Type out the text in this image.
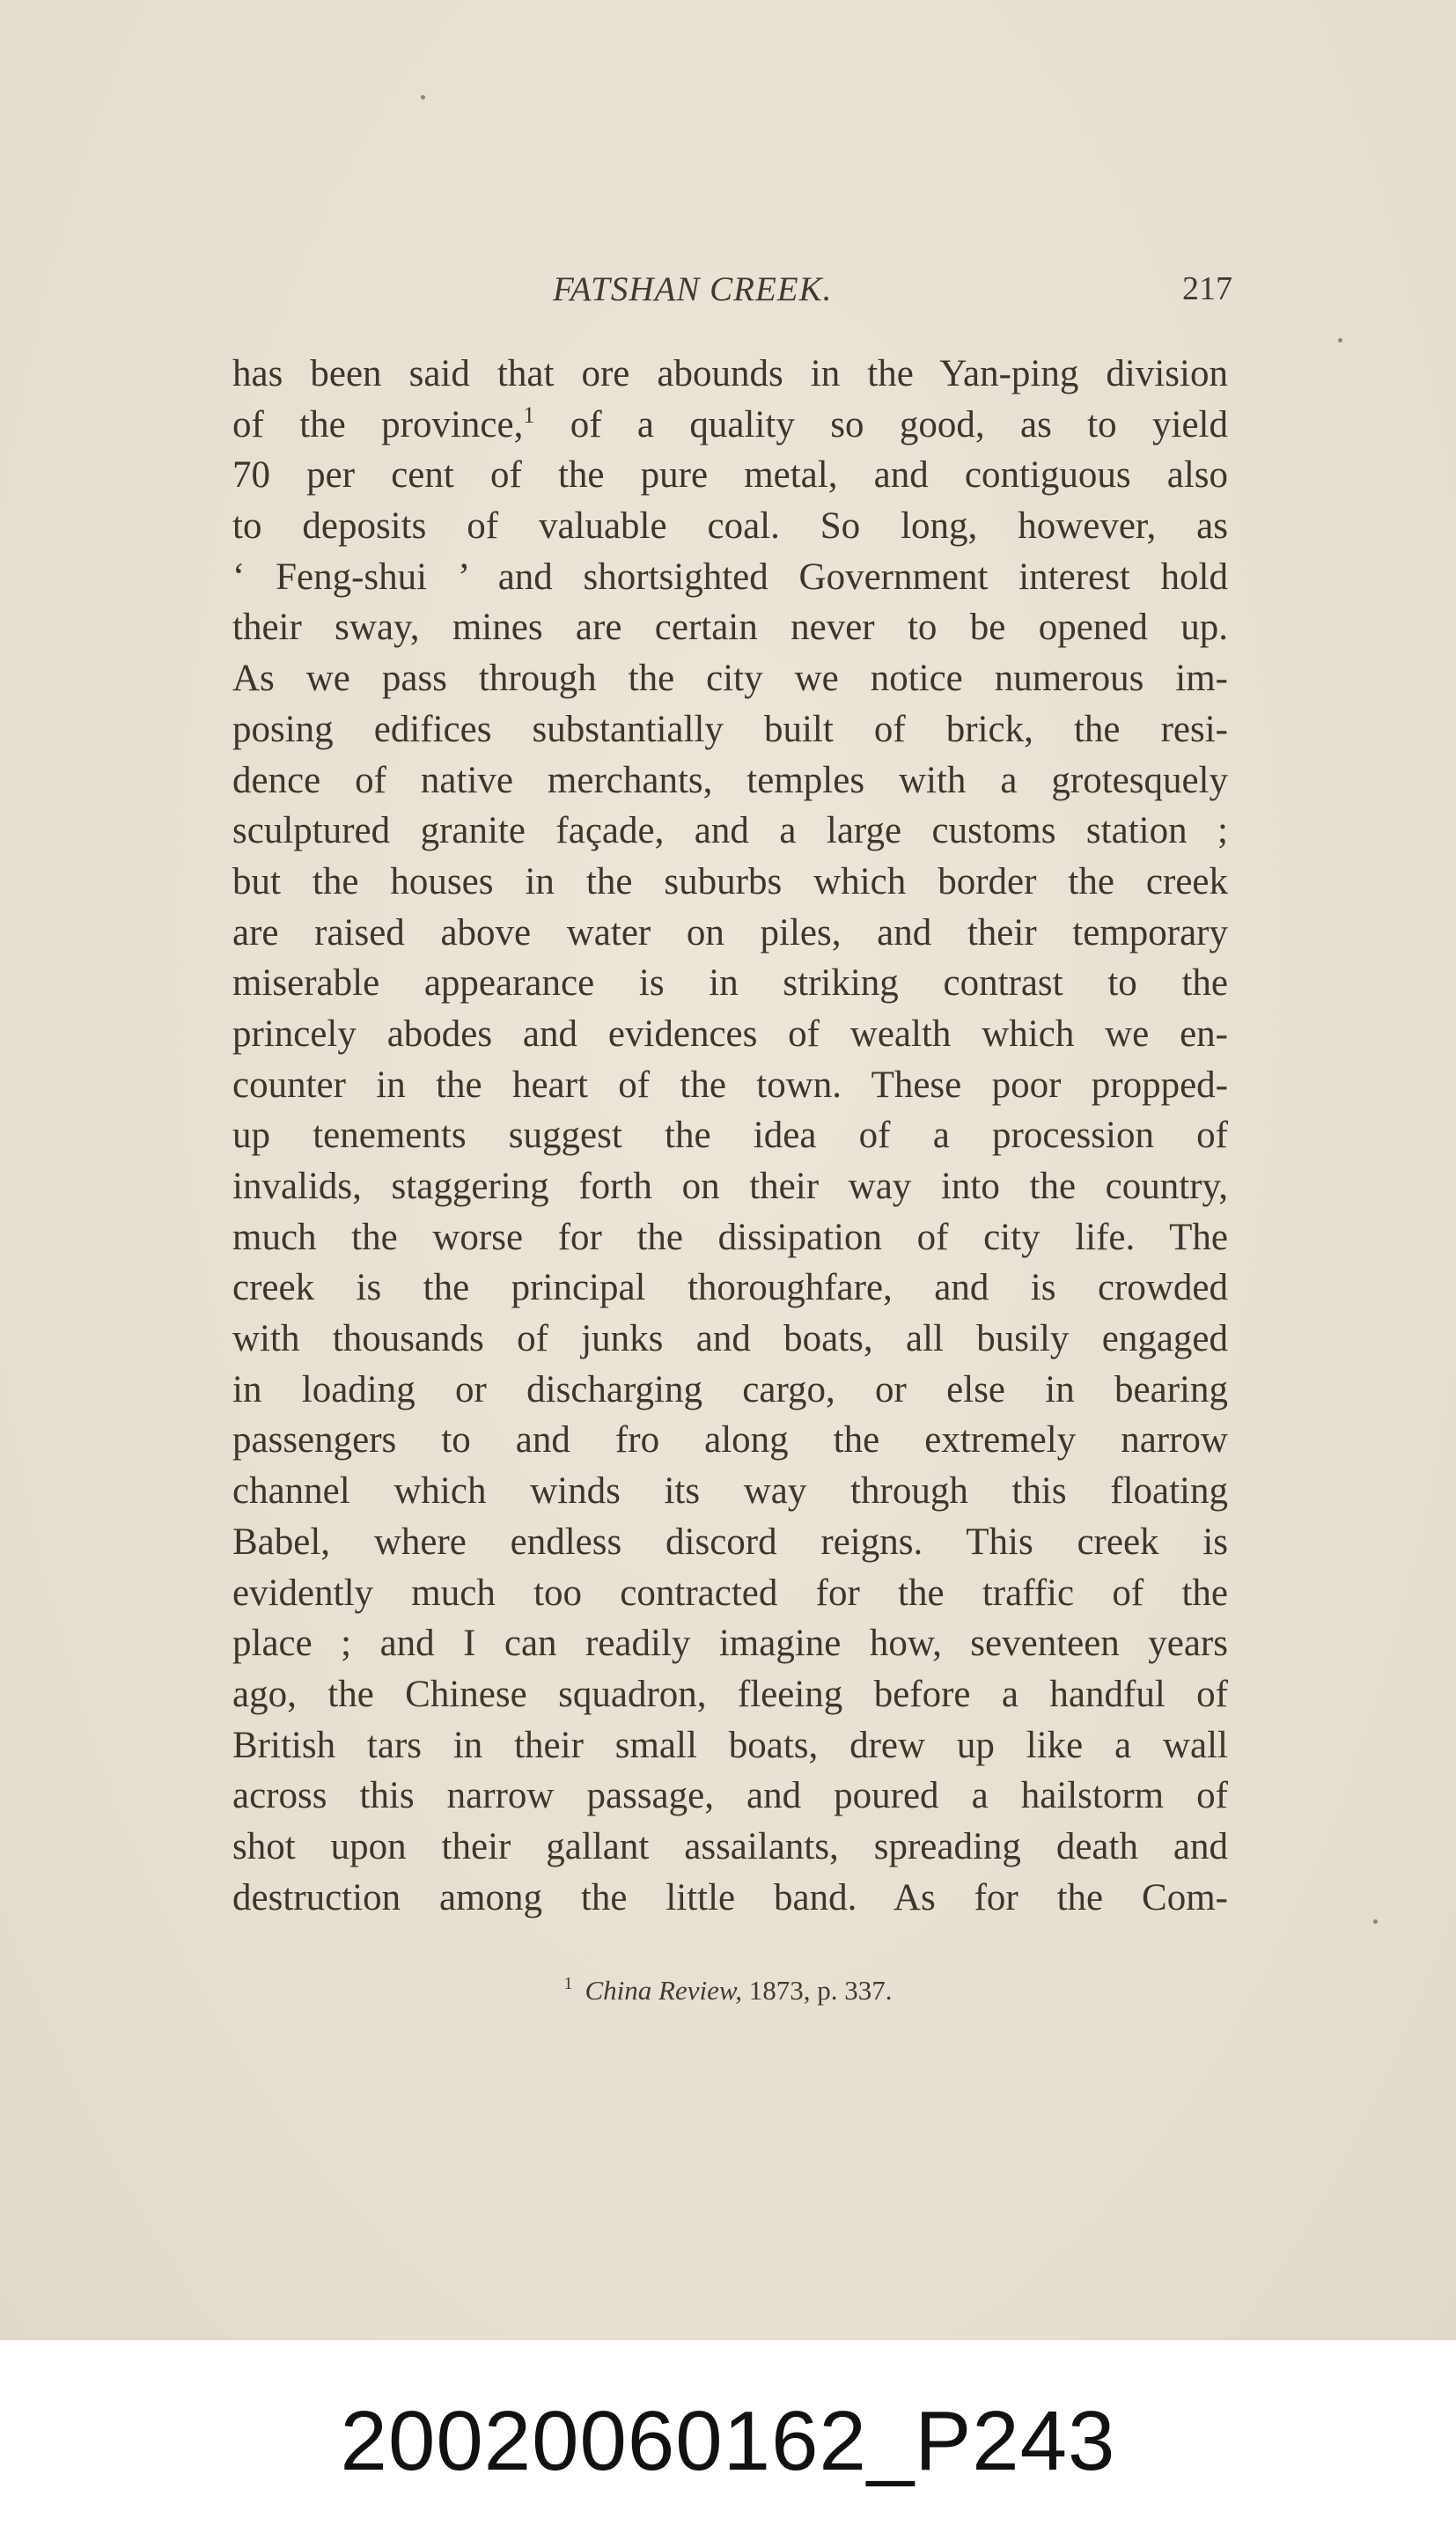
FATSHAN CREEK.	217
has been said that ore abounds in the Yan-ping division
of the province,$^1$ of a quality so good, as to yield
70 per cent of the pure metal, and contiguous also
to deposits of valuable coal. So long, however, as
‘ Feng-shui ’ and shortsighted Government interest hold
their sway, mines are certain never to be opened up.
As we pass through the city we notice numerous im-
posing edifices substantially built of brick, the resi-
dence of native merchants, temples with a grotesquely
sculptured granite façade, and a large customs station ;
but the houses in the suburbs which border the creek
are raised above water on piles, and their temporary
miserable appearance is in striking contrast to the
princely abodes and evidences of wealth which we en-
counter in the heart of the town. These poor propped-
up tenements suggest the idea of a procession of
invalids, staggering forth on their way into the country,
much the worse for the dissipation of city life. The
creek is the principal thoroughfare, and is crowded
with thousands of junks and boats, all busily engaged
in loading or discharging cargo, or else in bearing
passengers to and fro along the extremely narrow
channel which winds its way through this floating
Babel, where endless discord reigns. This creek is
evidently much too contracted for the traffic of the
place ; and I can readily imagine how, seventeen years
ago, the Chinese squadron, fleeing before a handful of
British tars in their small boats, drew up like a wall
across this narrow passage, and poured a hailstorm of
shot upon their gallant assailants, spreading death and
destruction among the little band. As for the Com-
$^1$ China Review, 1873, p. 337.
20020060162_P243
